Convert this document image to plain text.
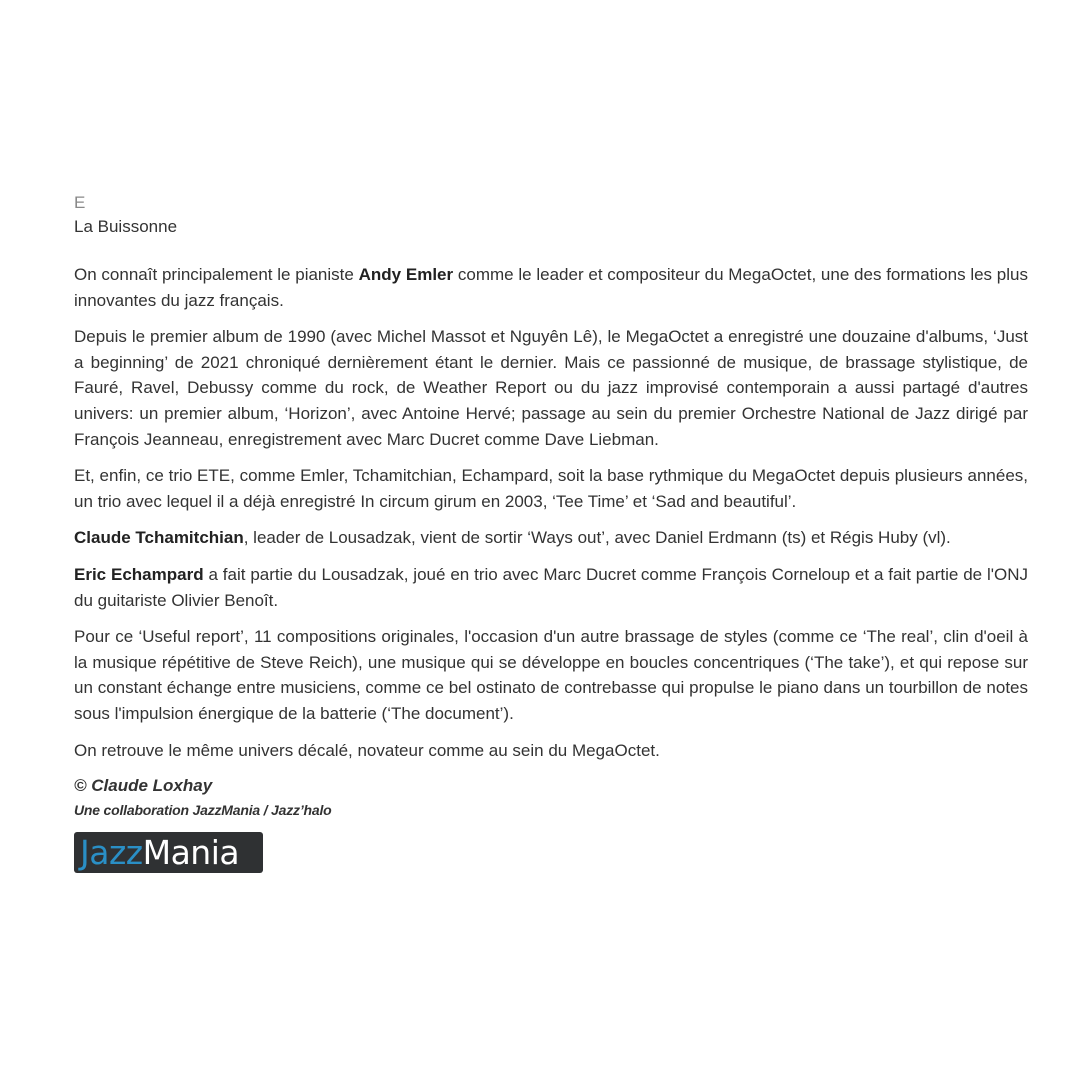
E
La Buissonne

On connaît principalement le pianiste Andy Emler comme le leader et compositeur du MegaOctet, une des formations les plus innovantes du jazz français.

Depuis le premier album de 1990 (avec Michel Massot et Nguyên Lê), le MegaOctet a enregistré une douzaine d'albums, ‘Just a beginning’ de 2021 chroniqué dernièrement étant le dernier. Mais ce passionné de musique, de brassage stylistique, de Fauré, Ravel, Debussy comme du rock, de Weather Report ou du jazz improvisé contemporain a aussi partagé d'autres univers: un premier album, ‘Horizon’, avec Antoine Hervé; passage au sein du premier Orchestre National de Jazz dirigé par François Jeanneau, enregistrement avec Marc Ducret comme Dave Liebman.

Et, enfin, ce trio ETE, comme Emler, Tchamitchian, Echampard, soit la base rythmique du MegaOctet depuis plusieurs années, un trio avec lequel il a déjà enregistré In circum girum en 2003, ‘Tee Time’ et ‘Sad and beautiful’.

Claude Tchamitchian, leader de Lousadzak, vient de sortir ‘Ways out’, avec Daniel Erdmann (ts) et Régis Huby (vl).

Eric Echampard a fait partie du Lousadzak, joué en trio avec Marc Ducret comme François Corneloup et a fait partie de l'ONJ du guitariste Olivier Benoît.

Pour ce ‘Useful report’, 11 compositions originales, l'occasion d'un autre brassage de styles (comme ce ‘The real’, clin d'oeil à la musique répétitive de Steve Reich), une musique qui se développe en boucles concentriques (‘The take’), et qui repose sur un constant échange entre musiciens, comme ce bel ostinato de contrebasse qui propulse le piano dans un tourbillon de notes sous l'impulsion énergique de la batterie (‘The document’).

On retrouve le même univers décalé, novateur comme au sein du MegaOctet.

© Claude Loxhay
Une collaboration JazzMania / Jazz’halo
JazzMania
